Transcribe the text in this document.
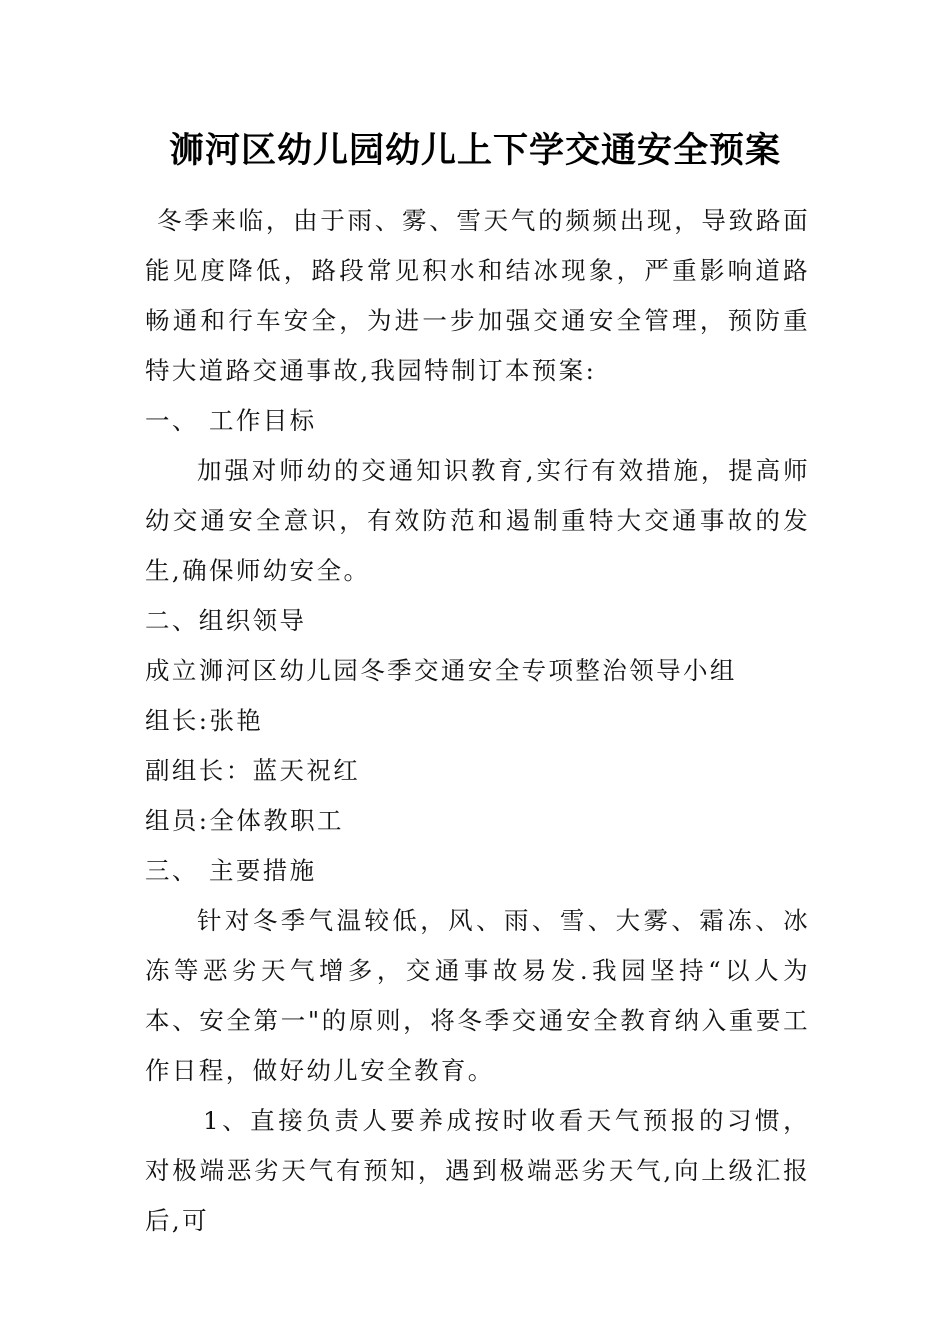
浉河区幼儿园幼儿上下学交通安全预案

冬季来临，由于雨、雾、雪天气的频频出现，导致路面能见度降低，路段常见积水和结冰现象，严重影响道路畅通和行车安全，为进一步加强交通安全管理，预防重特大道路交通事故,我园特制订本预案:

一、 工作目标

加强对师幼的交通知识教育,实行有效措施，提高师幼交通安全意识，有效防范和遏制重特大交通事故的发生,确保师幼安全。

二、组织领导

成立浉河区幼儿园冬季交通安全专项整治领导小组

组长:张艳

副组长：蓝天祝红

组员:全体教职工

三、 主要措施

针对冬季气温较低，风、雨、雪、大雾、霜冻、冰冻等恶劣天气增多，交通事故易发.我园坚持“以人为本、安全第一"的原则，将冬季交通安全教育纳入重要工作日程，做好幼儿安全教育。

1、直接负责人要养成按时收看天气预报的习惯，对极端恶劣天气有预知，遇到极端恶劣天气,向上级汇报后,可
